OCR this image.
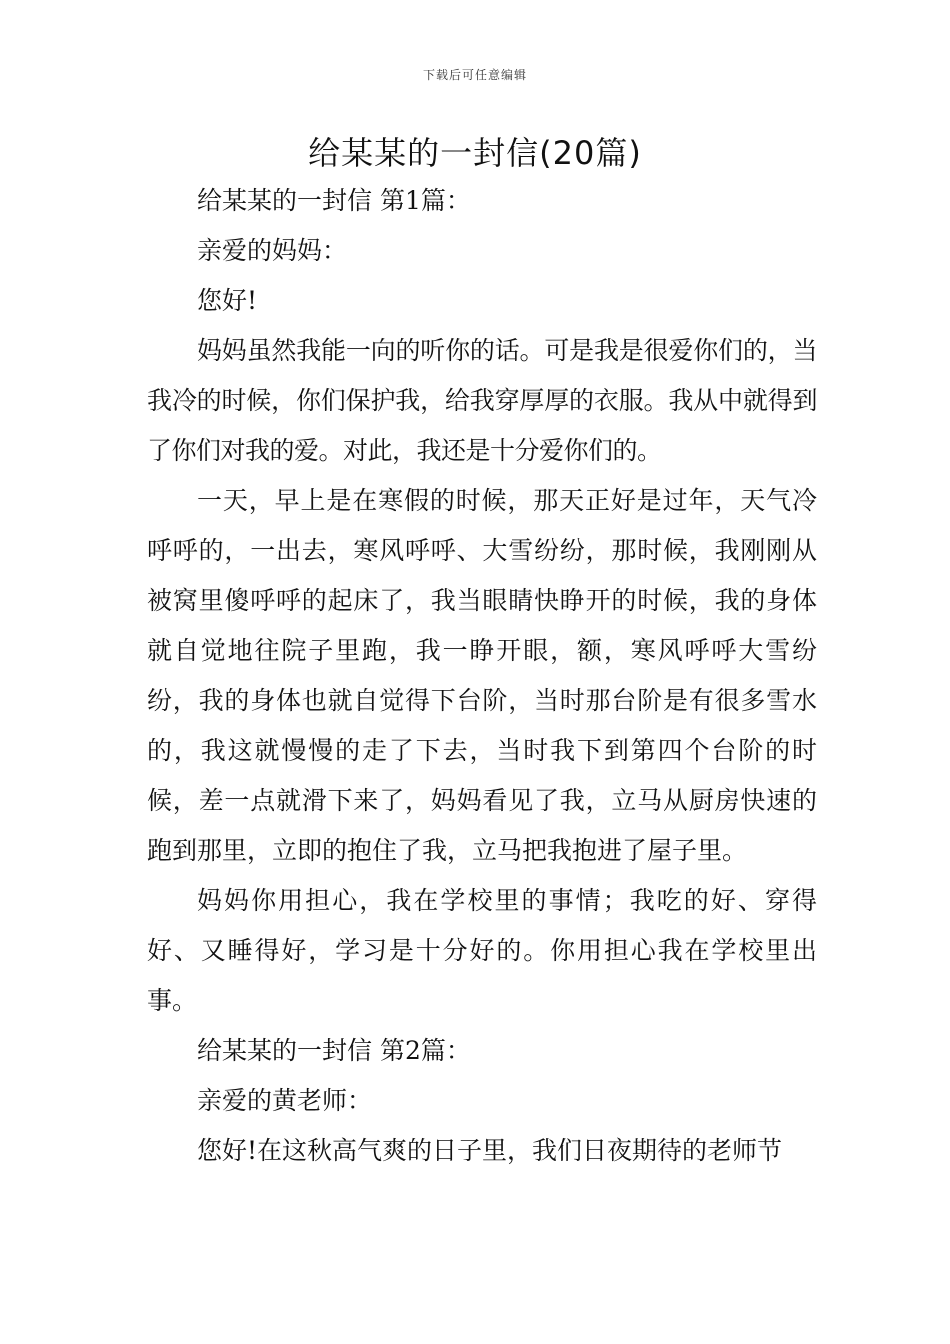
下载后可任意编辑
给某某的一封信(20篇)

给某某的一封信 第1篇：

亲爱的妈妈：

您好!

妈妈虽然我能一向的听你的话。可是我是很爱你们的，当我冷的时候，你们保护我，给我穿厚厚的衣服。我从中就得到了你们对我的爱。对此，我还是十分爱你们的。

一天，早上是在寒假的时候，那天正好是过年，天气冷呼呼的，一出去，寒风呼呼、大雪纷纷，那时候，我刚刚从被窝里傻呼呼的起床了，我当眼睛快睁开的时候，我的身体就自觉地往院子里跑，我一睁开眼，额，寒风呼呼大雪纷纷，我的身体也就自觉得下台阶，当时那台阶是有很多雪水的，我这就慢慢的走了下去，当时我下到第四个台阶的时候，差一点就滑下来了，妈妈看见了我，立马从厨房快速的跑到那里，立即的抱住了我，立马把我抱进了屋子里。

妈妈你用担心，我在学校里的事情；我吃的好、穿得好、又睡得好，学习是十分好的。你用担心我在学校里出事。

给某某的一封信 第2篇：

亲爱的黄老师：

您好!在这秋高气爽的日子里，我们日夜期待的老师节
